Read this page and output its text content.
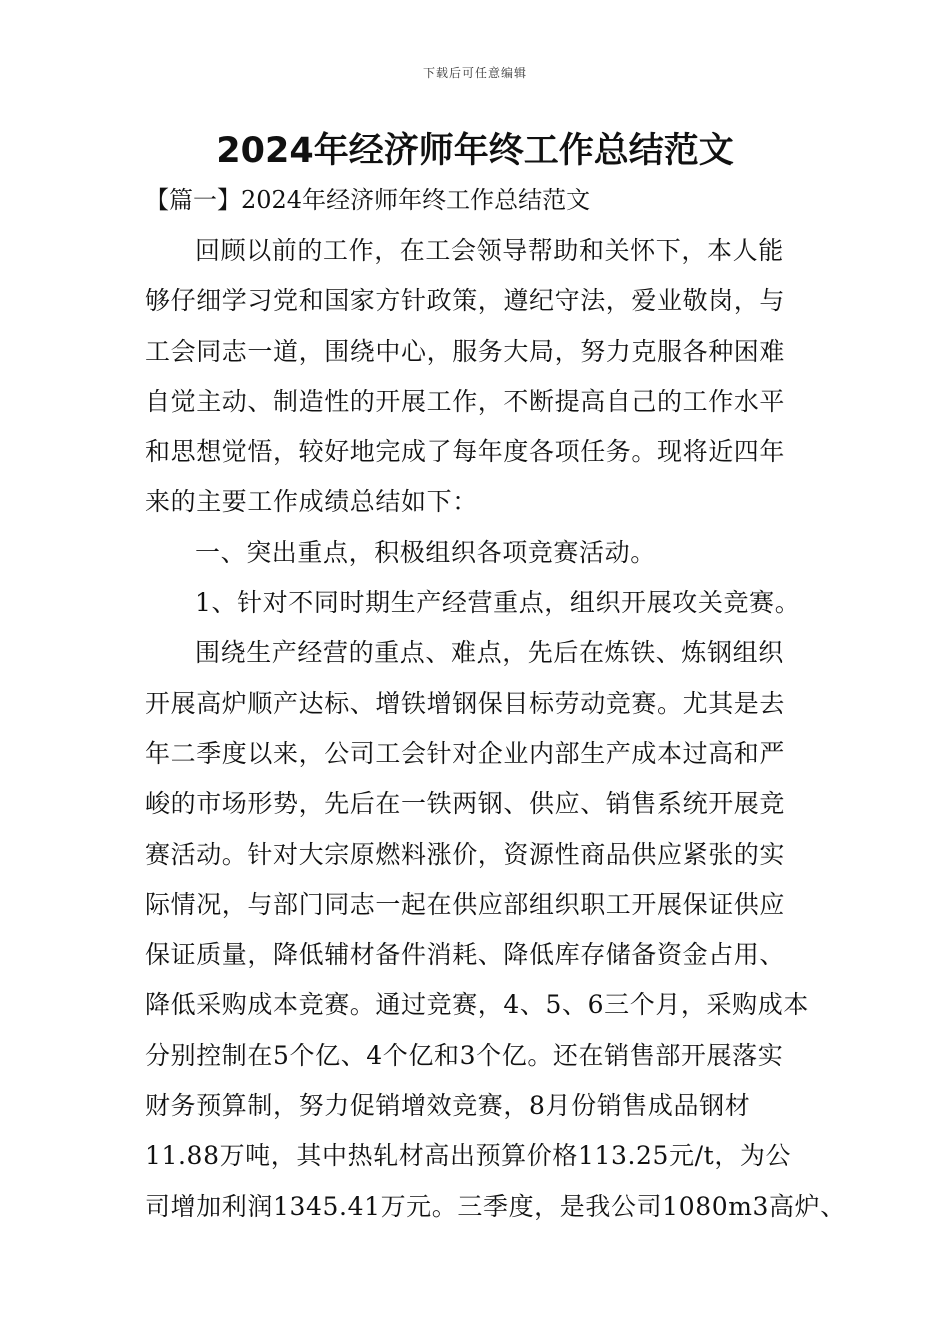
下载后可任意编辑
2024年经济师年终工作总结范文
【篇一】2024年经济师年终工作总结范文
回顾以前的工作，在工会领导帮助和关怀下，本人能
够仔细学习党和国家方针政策，遵纪守法，爱业敬岗，与
工会同志一道，围绕中心，服务大局，努力克服各种困难
自觉主动、制造性的开展工作，不断提高自己的工作水平
和思想觉悟，较好地完成了每年度各项任务。现将近四年
来的主要工作成绩总结如下：
一、突出重点，积极组织各项竞赛活动。
1、针对不同时期生产经营重点，组织开展攻关竞赛。
围绕生产经营的重点、难点，先后在炼铁、炼钢组织
开展高炉顺产达标、增铁增钢保目标劳动竞赛。尤其是去
年二季度以来，公司工会针对企业内部生产成本过高和严
峻的市场形势，先后在一铁两钢、供应、销售系统开展竞
赛活动。针对大宗原燃料涨价，资源性商品供应紧张的实
际情况，与部门同志一起在供应部组织职工开展保证供应
保证质量，降低辅材备件消耗、降低库存储备资金占用、
降低采购成本竞赛。通过竞赛，4、5、6三个月，采购成本
分别控制在5个亿、4个亿和3个亿。还在销售部开展落实
财务预算制，努力促销增效竞赛，8月份销售成品钢材
11.88万吨，其中热轧材高出预算价格113.25元/t，为公
司增加利润1345.41万元。三季度，是我公司1080m3高炉、
